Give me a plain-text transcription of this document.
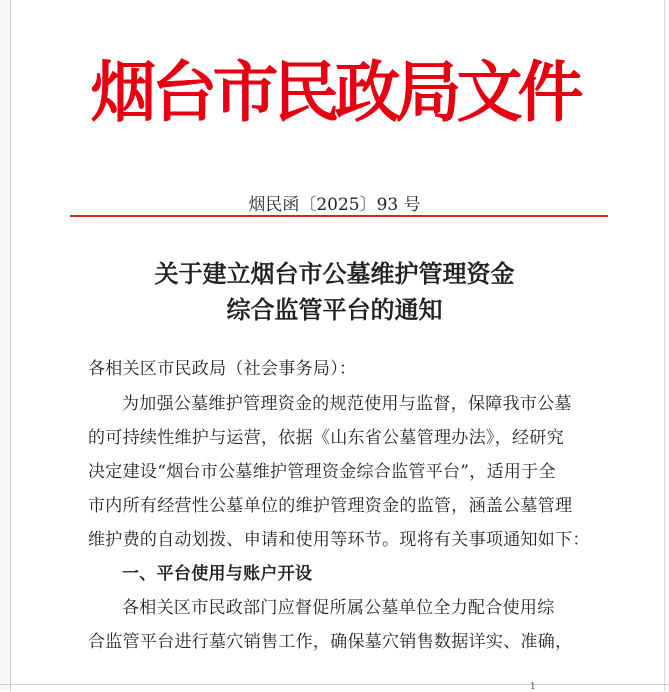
烟台市民政局文件
烟民函〔2025〕93 号
关于建立烟台市公墓维护管理资金
综合监管平台的通知
各相关区市民政局（社会事务局）：
为加强公墓维护管理资金的规范使用与监督，保障我市公墓
的可持续性维护与运营，依据《山东省公墓管理办法》，经研究
决定建设“烟台市公墓维护管理资金综合监管平台”，适用于全
市内所有经营性公墓单位的维护管理资金的监管，涵盖公墓管理
维护费的自动划拨、申请和使用等环节。现将有关事项通知如下：
一、平台使用与账户开设
各相关区市民政部门应督促所属公墓单位全力配合使用综
合监管平台进行墓穴销售工作，确保墓穴销售数据详实、准确，
1
